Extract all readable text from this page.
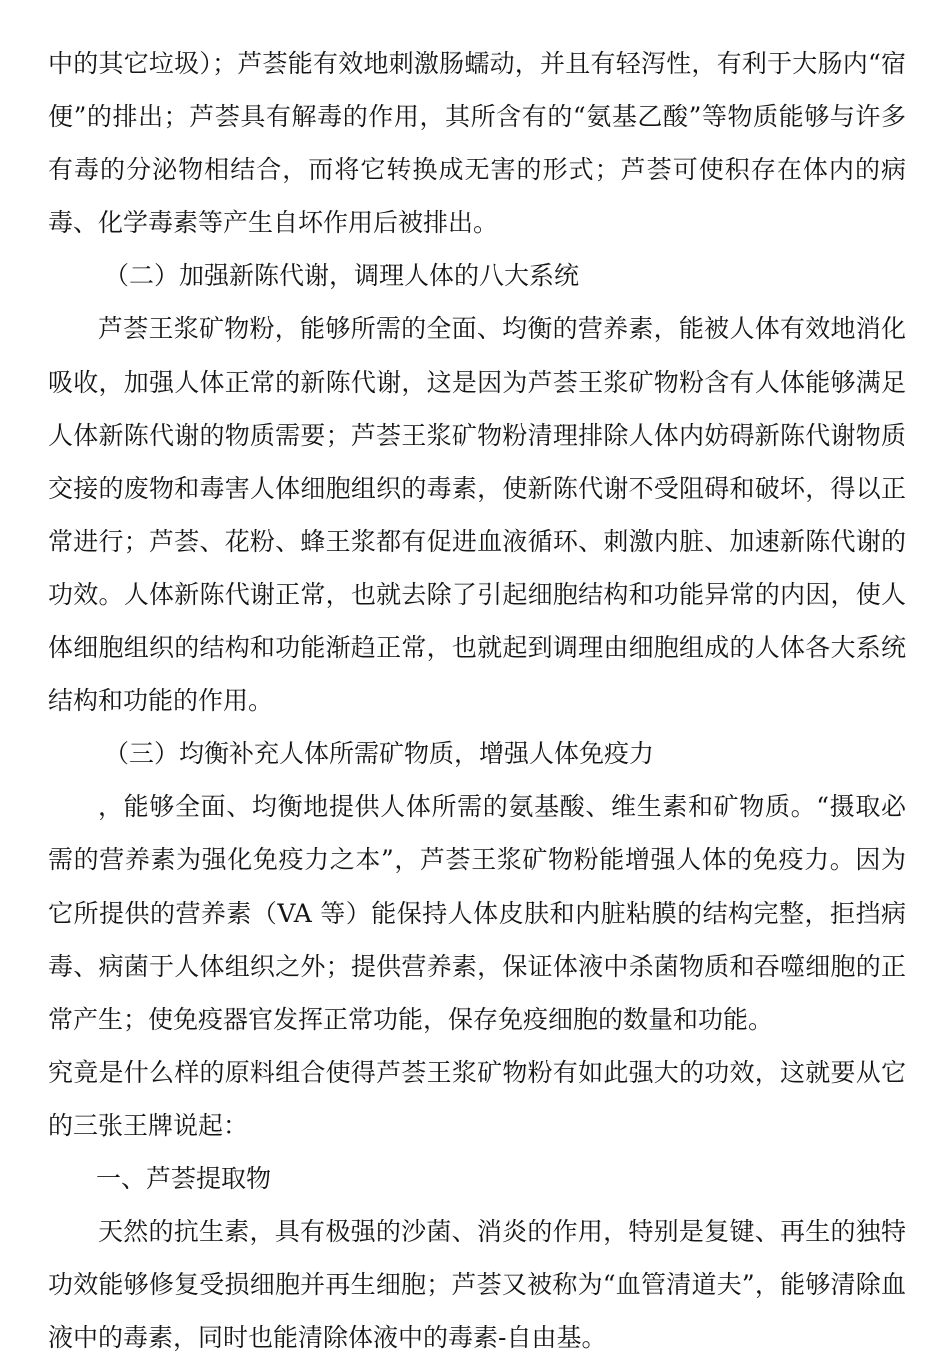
中的其它垃圾）；芦荟能有效地刺激肠蠕动，并且有轻泻性，有利于大肠内“宿便”的排出；芦荟具有解毒的作用，其所含有的“氨基乙酸”等物质能够与许多有毒的分泌物相结合，而将它转换成无害的形式；芦荟可使积存在体内的病毒、化学毒素等产生自坏作用后被排出。

（二）加强新陈代谢，调理人体的八大系统

芦荟王浆矿物粉，能够所需的全面、均衡的营养素，能被人体有效地消化吸收，加强人体正常的新陈代谢，这是因为芦荟王浆矿物粉含有人体能够满足人体新陈代谢的物质需要；芦荟王浆矿物粉清理排除人体内妨碍新陈代谢物质交接的废物和毒害人体细胞组织的毒素，使新陈代谢不受阻碍和破坏，得以正常进行；芦荟、花粉、蜂王浆都有促进血液循环、刺激内脏、加速新陈代谢的功效。人体新陈代谢正常，也就去除了引起细胞结构和功能异常的内因，使人体细胞组织的结构和功能渐趋正常，也就起到调理由细胞组成的人体各大系统结构和功能的作用。

（三）均衡补充人体所需矿物质，增强人体免疫力

，能够全面、均衡地提供人体所需的氨基酸、维生素和矿物质。“摄取必需的营养素为强化免疫力之本”，芦荟王浆矿物粉能增强人体的免疫力。因为它所提供的营养素（VA 等）能保持人体皮肤和内脏粘膜的结构完整，拒挡病毒、病菌于人体组织之外；提供营养素，保证体液中杀菌物质和吞噬细胞的正常产生；使免疫器官发挥正常功能，保存免疫细胞的数量和功能。

究竟是什么样的原料组合使得芦荟王浆矿物粉有如此强大的功效，这就要从它的三张王牌说起：

一、芦荟提取物

天然的抗生素，具有极强的沙菌、消炎的作用，特别是复键、再生的独特功效能够修复受损细胞并再生细胞；芦荟又被称为“血管清道夫”，能够清除血液中的毒素，同时也能清除体液中的毒素-自由基。
